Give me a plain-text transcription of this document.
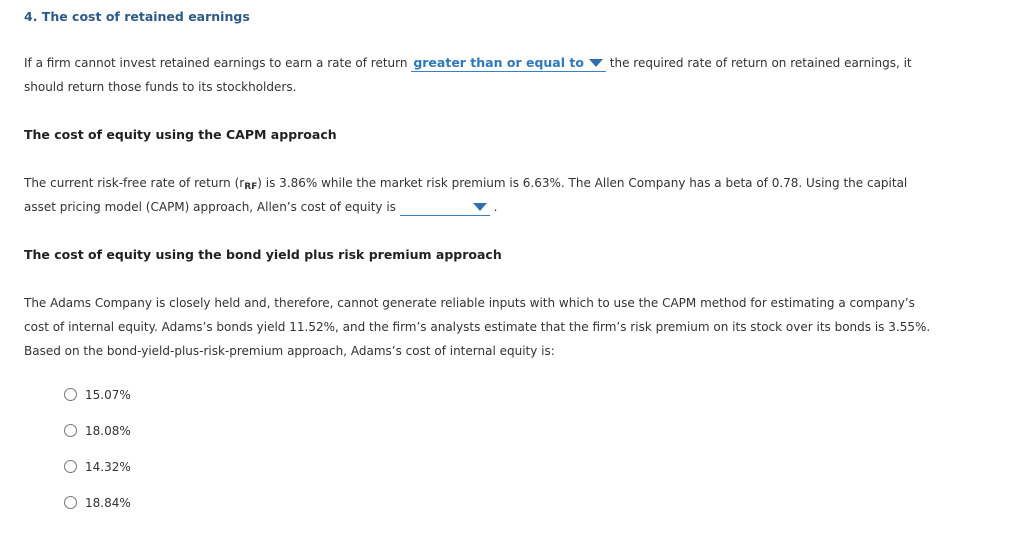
4. The cost of retained earnings
If a firm cannot invest retained earnings to earn a rate of return greater than or equal to the required rate of return on retained earnings, it
should return those funds to its stockholders.
The cost of equity using the CAPM approach
The current risk-free rate of return $(r_{RF})$ is 3.86% while the market risk premium is 6.63%. The Allen Company has a beta of 0.78. Using the capital
asset pricing model (CAPM) approach, Allen’s cost of equity is	.
The cost of equity using the bond yield plus risk premium approach
The Adams Company is closely held and, therefore, cannot generate reliable inputs with which to use the CAPM method for estimating a company’s
cost of internal equity. Adams’s bonds yield 11.52%, and the firm’s analysts estimate that the firm’s risk premium on its stock over its bonds is 3.55%.
Based on the bond-yield-plus-risk-premium approach, Adams’s cost of internal equity is:
15.07%
18.08%
14.32%
18.84%
